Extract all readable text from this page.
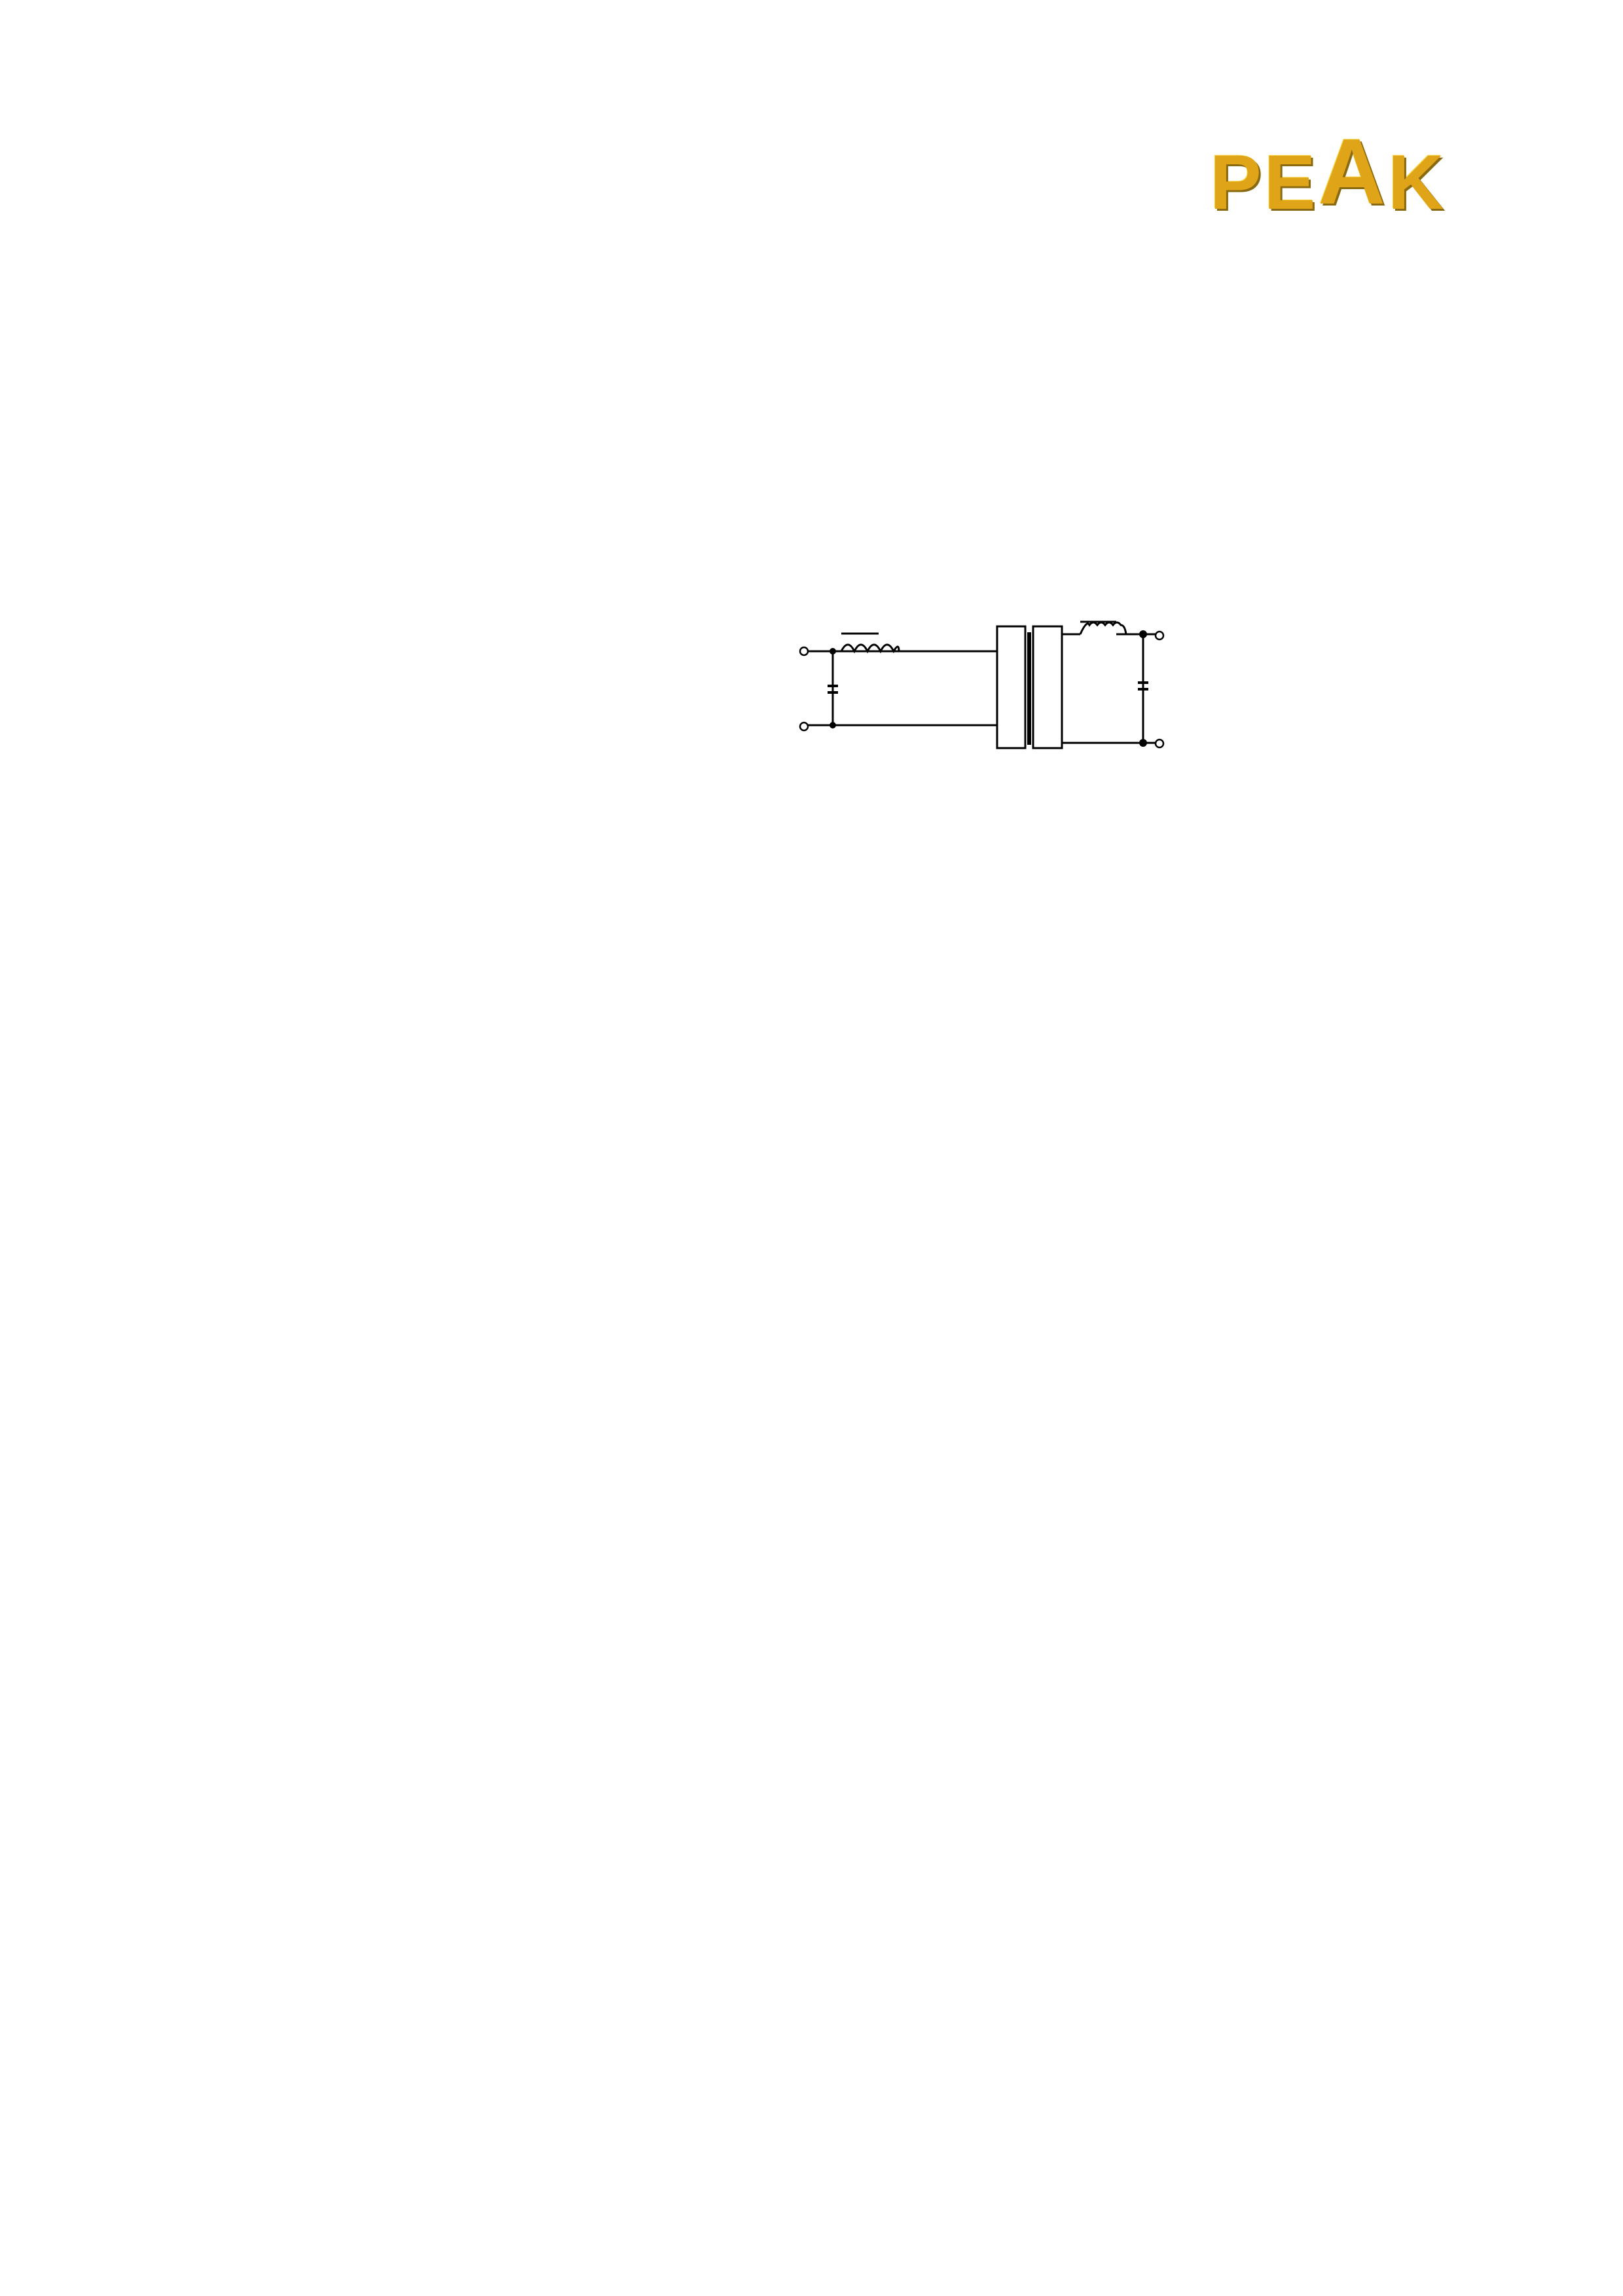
PEAK
